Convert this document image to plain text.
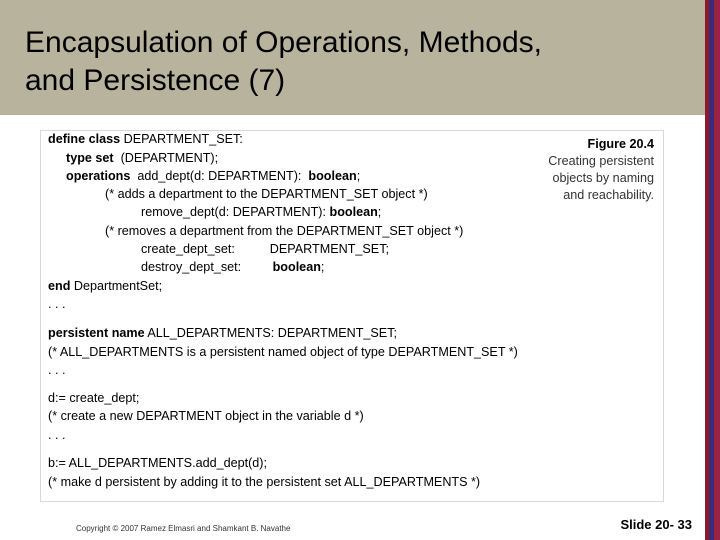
Encapsulation of Operations, Methods,
and Persistence (7)
Figure 20.4
Creating persistent
objects by naming
and reachability.
define class DEPARTMENT_SET:
type set  (DEPARTMENT);
operations  add_dept(d: DEPARTMENT):  boolean;
(* adds a department to the DEPARTMENT_SET object *)
remove_dept(d: DEPARTMENT): boolean;
(* removes a department from the DEPARTMENT_SET object *)
create_dept_set:          DEPARTMENT_SET;
destroy_dept_set:         boolean;
end DepartmentSet;
. . .
persistent name ALL_DEPARTMENTS: DEPARTMENT_SET;
(* ALL_DEPARTMENTS is a persistent named object of type DEPARTMENT_SET *)
. . .
d:= create_dept;
(* create a new DEPARTMENT object in the variable d *)
. . .
b:= ALL_DEPARTMENTS.add_dept(d);
(* make d persistent by adding it to the persistent set ALL_DEPARTMENTS *)
Copyright © 2007 Ramez Elmasri and Shamkant B. Navathe	Slide 20- 33
